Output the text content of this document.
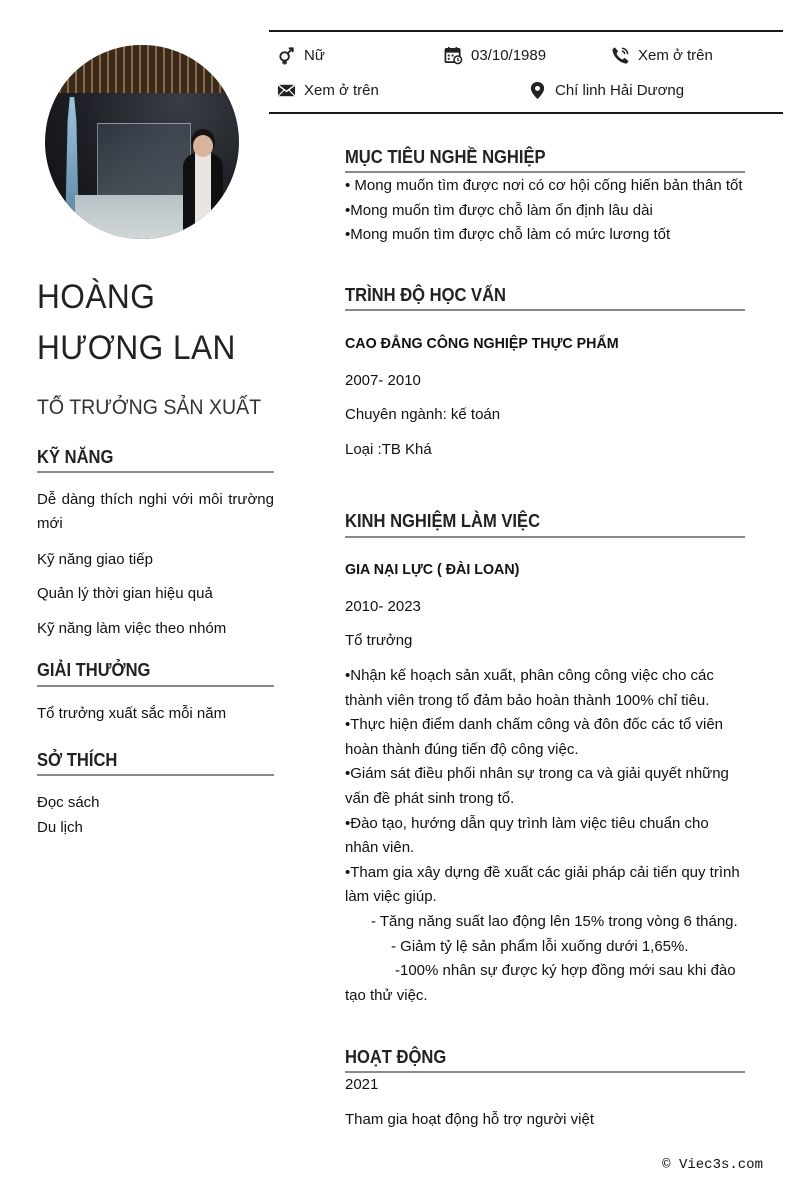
Nữ	03/10/1989	Xem ở trên
Xem ở trên	Chí linh Hải Dương
HOÀNG
HƯƠNG LAN
TỔ TRƯỞNG SẢN XUẤT
KỸ NĂNG
Dễ dàng thích nghi với môi trường mới
Kỹ năng giao tiếp
Quản lý thời gian hiệu quả
Kỹ năng làm việc theo nhóm
GIẢI THƯỞNG
Tổ trưởng xuất sắc mỗi năm
SỞ THÍCH
Đọc sách
Du lịch
MỤC TIÊU NGHỀ NGHIỆP
• Mong muốn tìm được nơi có cơ hội cống hiến bản thân tốt
•Mong muốn tìm được chỗ làm ổn định lâu dài
•Mong muốn tìm được chỗ làm có mức lương tốt
TRÌNH ĐỘ HỌC VẤN
CAO ĐẲNG CÔNG NGHIỆP THỰC PHẨM
2007- 2010
Chuyên ngành: kế toán
Loại :TB Khá
KINH NGHIỆM LÀM VIỆC
GIA NẠI LỰC ( ĐÀI LOAN)
2010- 2023
Tổ trưởng
•Nhận kế hoạch sản xuất, phân công công việc cho các thành viên trong tổ đảm bảo hoàn thành 100% chỉ tiêu.
•Thực hiện điểm danh chấm công và đôn đốc các tổ viên hoàn thành đúng tiến độ công việc.
•Giám sát điều phối nhân sự trong ca và giải quyết những vấn đề phát sinh trong tổ.
•Đào tạo, hướng dẫn quy trình làm việc tiêu chuẩn cho nhân viên.
•Tham gia xây dựng đề xuất các giải pháp cải tiến quy trình làm việc giúp.
- Tăng năng suất lao động lên 15% trong vòng 6 tháng.
- Giảm tỷ lệ sản phẩm lỗi xuống dưới 1,65%.
-100% nhân sự được ký hợp đồng mới sau khi đào
tạo thử việc.
HOẠT ĐỘNG
2021
Tham gia hoạt động hỗ trợ người việt
© Viec3s.com
